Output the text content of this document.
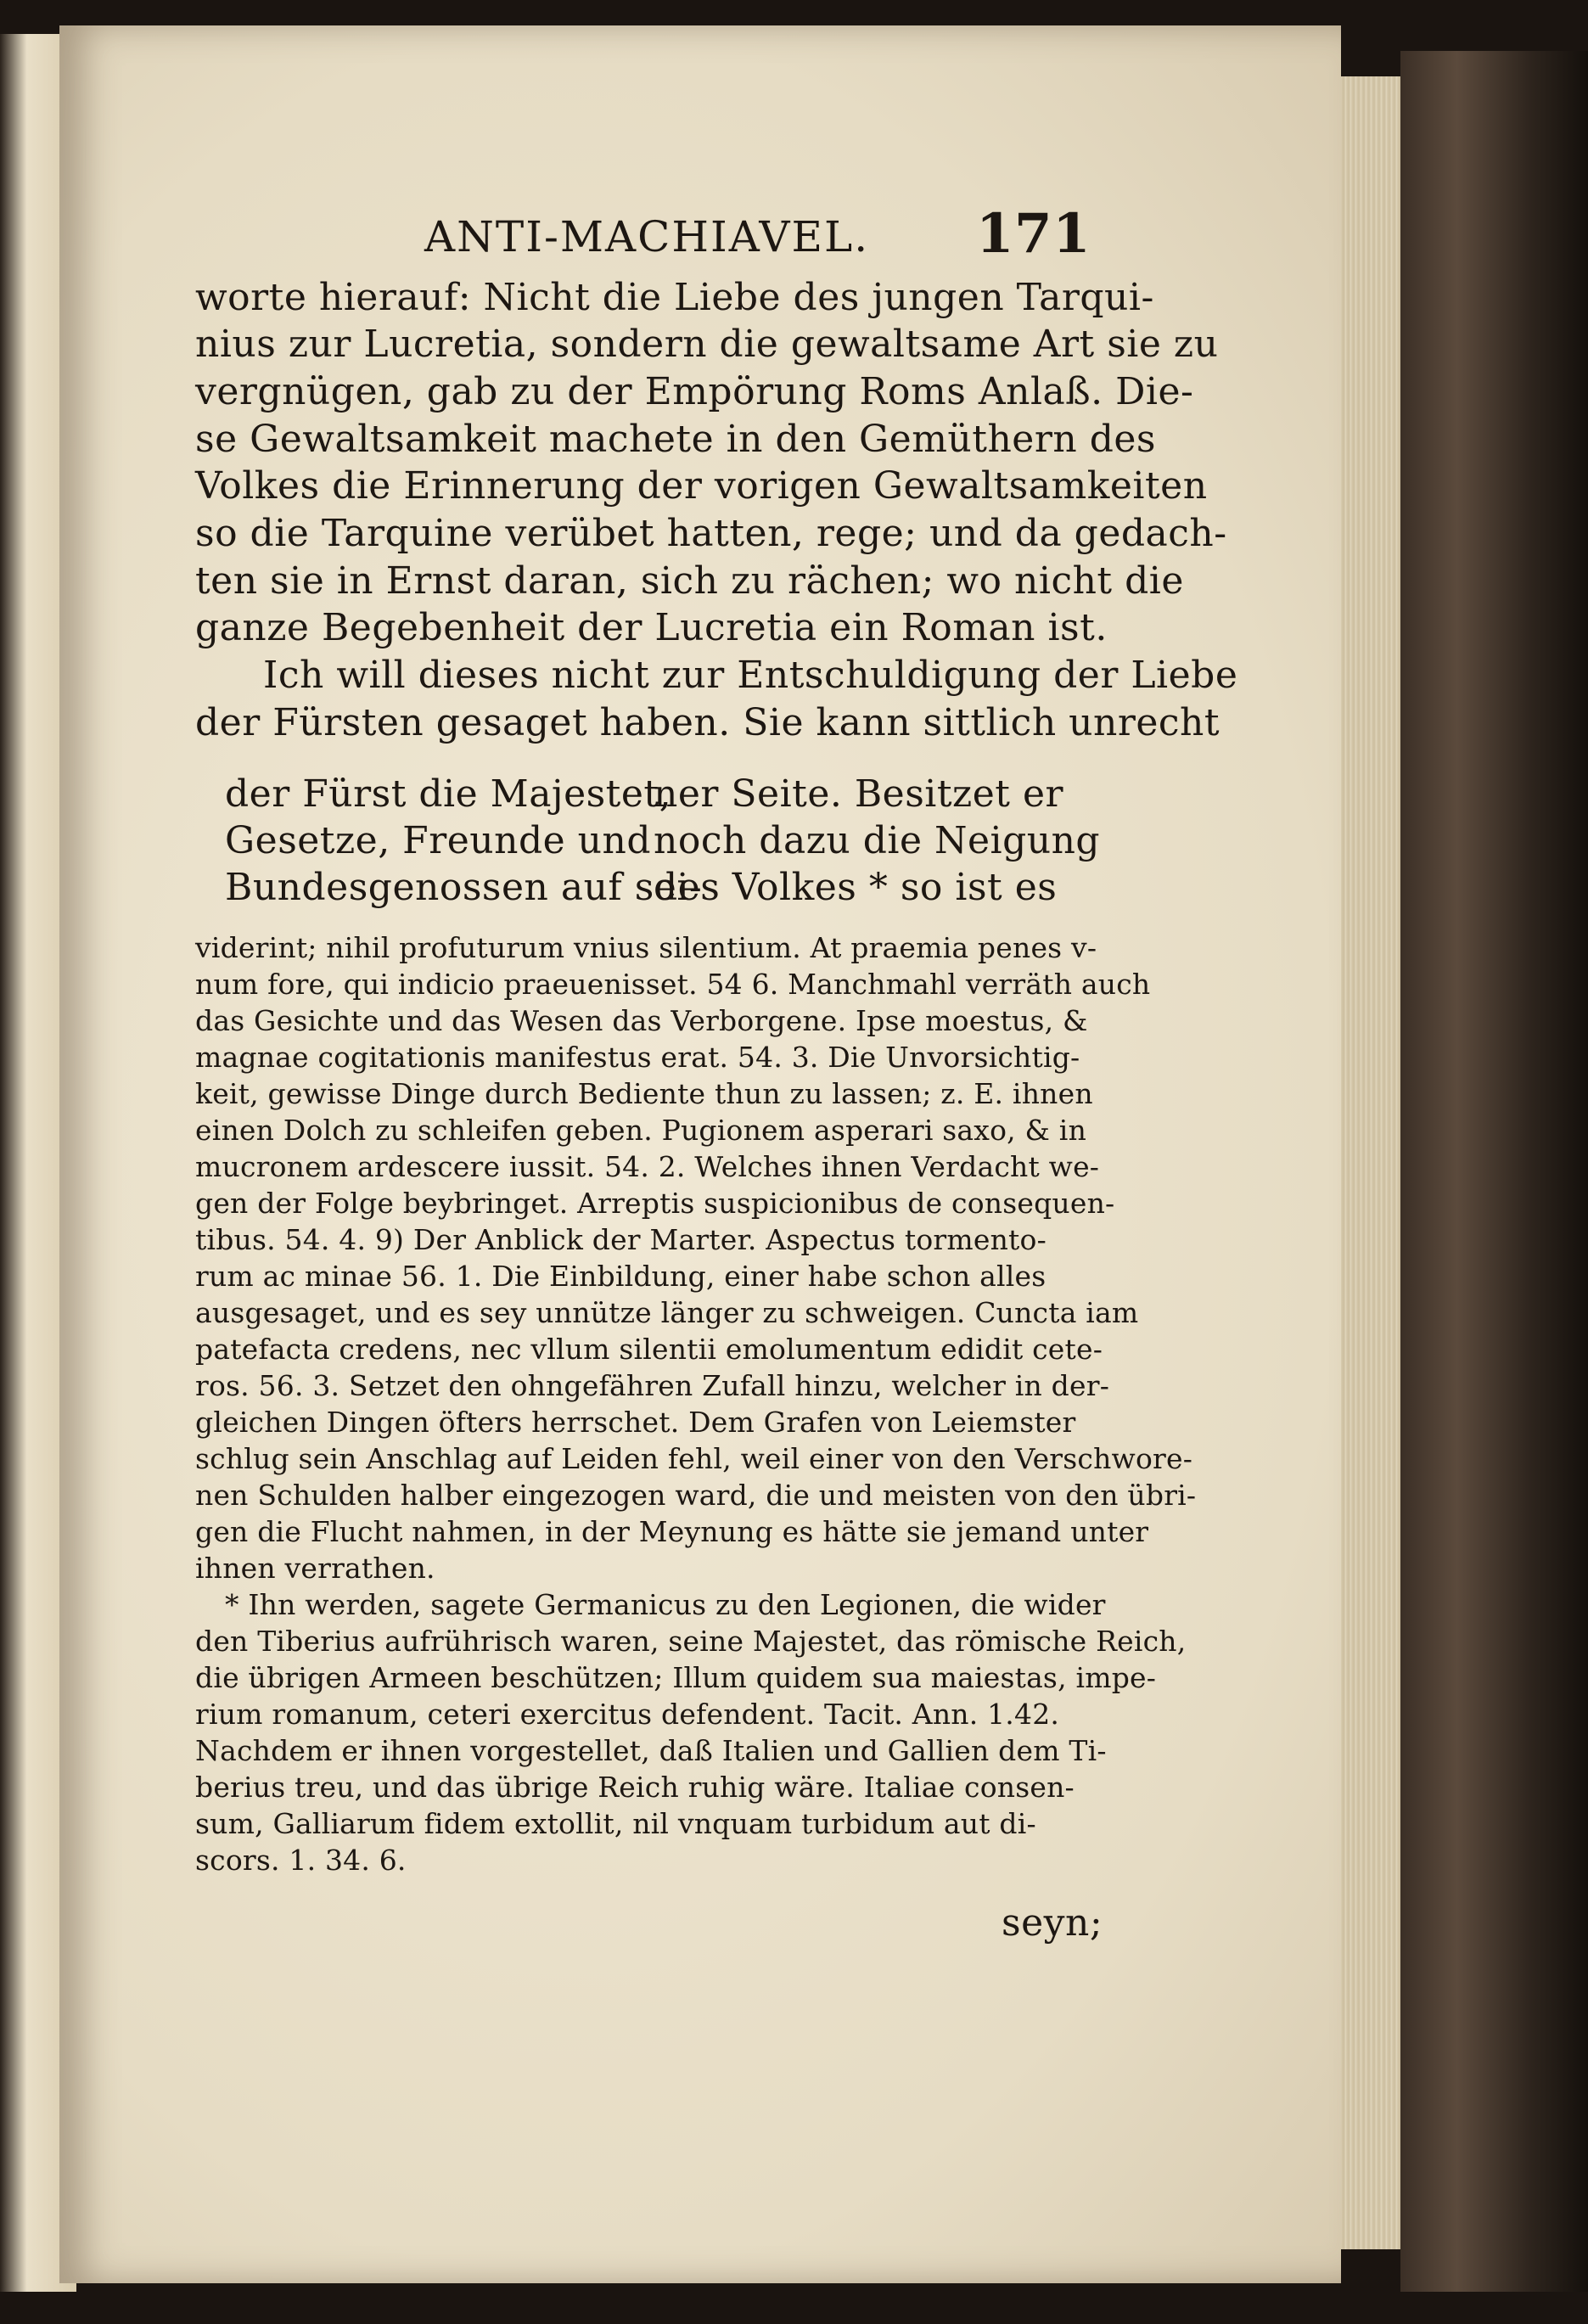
ANTI-MACHIAVEL. 171
worte hierauf: Nicht die Liebe des jungen Tarqui-
nius zur Lucretia, sondern die gewaltsame Art sie zu
vergnügen, gab zu der Empörung Roms Anlaß. Die-
se Gewaltsamkeit machete in den Gemüthern des
Volkes die Erinnerung der vorigen Gewaltsamkeiten
so die Tarquine verübet hatten, rege; und da gedach-
ten sie in Ernst daran, sich zu rächen; wo nicht die
ganze Begebenheit der Lucretia ein Roman ist.
Ich will dieses nicht zur Entschuldigung der Liebe
der Fürsten gesaget haben. Sie kann sittlich unrecht
der Fürst die Majestet,
Gesetze, Freunde und
Bundesgenossen auf sei-
ner Seite. Besitzet er
noch dazu die Neigung
des Volkes * so ist es
viderint; nihil profuturum vnius silentium. At praemia penes v-
num fore, qui indicio praeuenisset. 54 6. Manchmahl verräth auch
das Gesichte und das Wesen das Verborgene. Ipse moestus, &
magnae cogitationis manifestus erat. 54. 3. Die Unvorsichtig-
keit, gewisse Dinge durch Bediente thun zu lassen; z. E. ihnen
einen Dolch zu schleifen geben. Pugionem asperari saxo, & in
mucronem ardescere iussit. 54. 2. Welches ihnen Verdacht we-
gen der Folge beybringet. Arreptis suspicionibus de consequen-
tibus. 54. 4. 9) Der Anblick der Marter. Aspectus tormento-
rum ac minae 56. 1. Die Einbildung, einer habe schon alles
ausgesaget, und es sey unnütze länger zu schweigen. Cuncta iam
patefacta credens, nec vllum silentii emolumentum edidit cete-
ros. 56. 3. Setzet den ohngefähren Zufall hinzu, welcher in der-
gleichen Dingen öfters herrschet. Dem Grafen von Leiemster
schlug sein Anschlag auf Leiden fehl, weil einer von den Verschwore-
nen Schulden halber eingezogen ward, die und meisten von den übri-
gen die Flucht nahmen, in der Meynung es hätte sie jemand unter
ihnen verrathen.
* Ihn werden, sagete Germanicus zu den Legionen, die wider
den Tiberius aufrührisch waren, seine Majestet, das römische Reich,
die übrigen Armeen beschützen; Illum quidem sua maiestas, impe-
rium romanum, ceteri exercitus defendent. Tacit. Ann. 1.42.
Nachdem er ihnen vorgestellet, daß Italien und Gallien dem Ti-
berius treu, und das übrige Reich ruhig wäre. Italiae consen-
sum, Galliarum fidem extollit, nil vnquam turbidum aut di-
scors. 1. 34. 6.
seyn;
